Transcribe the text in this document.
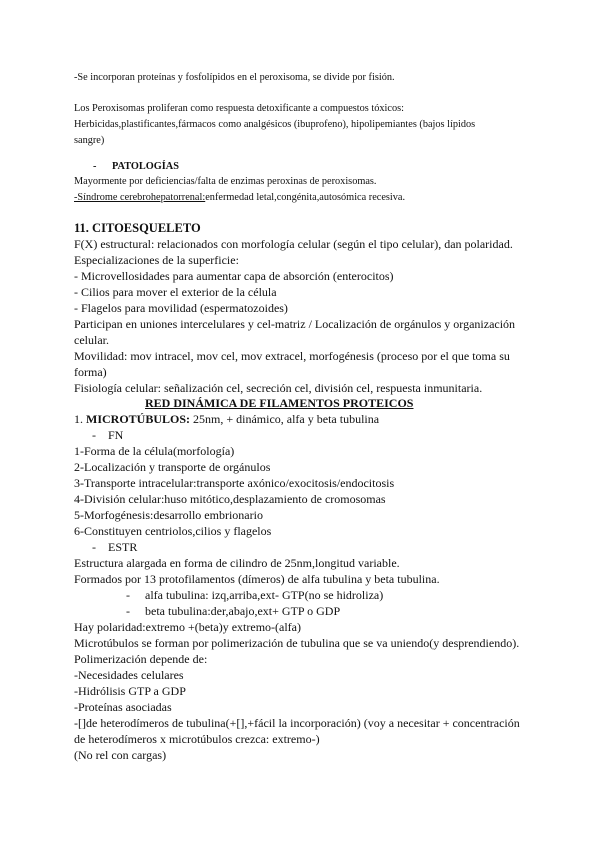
-Se incorporan proteínas y fosfolípidos en el peroxisoma, se divide por fisión.
Los Peroxisomas proliferan como respuesta detoxificante a compuestos tóxicos:
Herbicidas,plastificantes,fármacos como analgésicos (ibuprofeno), hipolipemiantes (bajos lípidos
sangre)
- PATOLOGÍAS
Mayormente por deficiencias/falta de enzimas peroxinas de peroxisomas.
-Síndrome cerebrohepatorrenal:enfermedad letal,congénita,autosómica recesiva.
11. CITOESQUELETO
F(X) estructural: relacionados con morfología celular (según el tipo celular), dan polaridad.
Especializaciones de la superficie:
- Microvellosidades para aumentar capa de absorción (enterocitos)
- Cilios para mover el exterior de la célula
- Flagelos para movilidad (espermatozoides)
Participan en uniones intercelulares y cel-matriz / Localización de orgánulos y organización
celular.
Movilidad: mov intracel, mov cel, mov extracel, morfogénesis (proceso por el que toma su
forma)
Fisiología celular: señalización cel, secreción cel, división cel, respuesta inmunitaria.
RED DINÁMICA DE FILAMENTOS PROTEICOS
1. MICROTÚBULOS: 25nm, + dinámico, alfa y beta tubulina
- FN
1-Forma de la célula(morfología)
2-Localización y transporte de orgánulos
3-Transporte intracelular:transporte axónico/exocitosis/endocitosis
4-División celular:huso mitótico,desplazamiento de cromosomas
5-Morfogénesis:desarrollo embrionario
6-Constituyen centriolos,cilios y flagelos
- ESTR
Estructura alargada en forma de cilindro de 25nm,longitud variable.
Formados por 13 protofilamentos (dímeros) de alfa tubulina y beta tubulina.
- alfa tubulina: izq,arriba,ext- GTP(no se hidroliza)
- beta tubulina:der,abajo,ext+ GTP o GDP
Hay polaridad:extremo +(beta)y extremo-(alfa)
Microtúbulos se forman por polimerización de tubulina que se va uniendo(y desprendiendo).
Polimerización depende de:
-Necesidades celulares
-Hidrólisis GTP a GDP
-Proteínas asociadas
-[]de heterodímeros de tubulina(+[],+fácil la incorporación) (voy a necesitar + concentración
de heterodímeros x microtúbulos crezca: extremo-)
(No rel con cargas)
